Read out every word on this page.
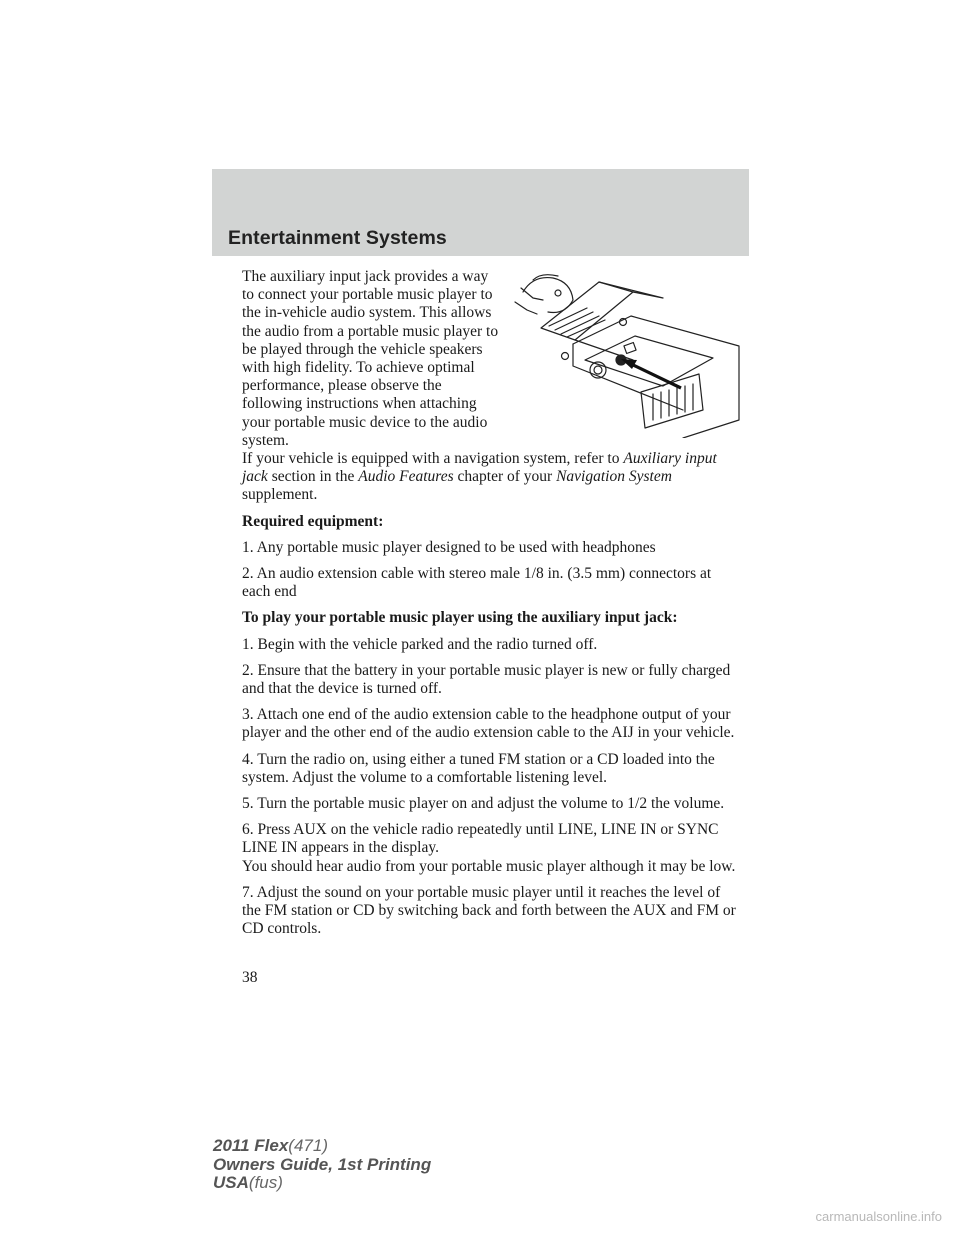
Entertainment Systems
The auxiliary input jack provides a way to connect your portable music player to the in-vehicle audio system. This allows the audio from a portable music player to be played through the vehicle speakers with high fidelity. To achieve optimal performance, please observe the following instructions when attaching your portable music device to the audio system.

If your vehicle is equipped with a navigation system, refer to Auxiliary input jack section in the Audio Features chapter of your Navigation System supplement.

Required equipment:

1. Any portable music player designed to be used with headphones

2. An audio extension cable with stereo male 1/8 in. (3.5 mm) connectors at each end

To play your portable music player using the auxiliary input jack:

1. Begin with the vehicle parked and the radio turned off.

2. Ensure that the battery in your portable music player is new or fully charged and that the device is turned off.

3. Attach one end of the audio extension cable to the headphone output of your player and the other end of the audio extension cable to the AIJ in your vehicle.

4. Turn the radio on, using either a tuned FM station or a CD loaded into the system. Adjust the volume to a comfortable listening level.

5. Turn the portable music player on and adjust the volume to 1/2 the volume.

6. Press AUX on the vehicle radio repeatedly until LINE, LINE IN or SYNC LINE IN appears in the display.

You should hear audio from your portable music player although it may be low.

7. Adjust the sound on your portable music player until it reaches the level of the FM station or CD by switching back and forth between the AUX and FM or CD controls.

38
2011 Flex(471)
Owners Guide, 1st Printing
USA(fus)
carmanualsonline.info
